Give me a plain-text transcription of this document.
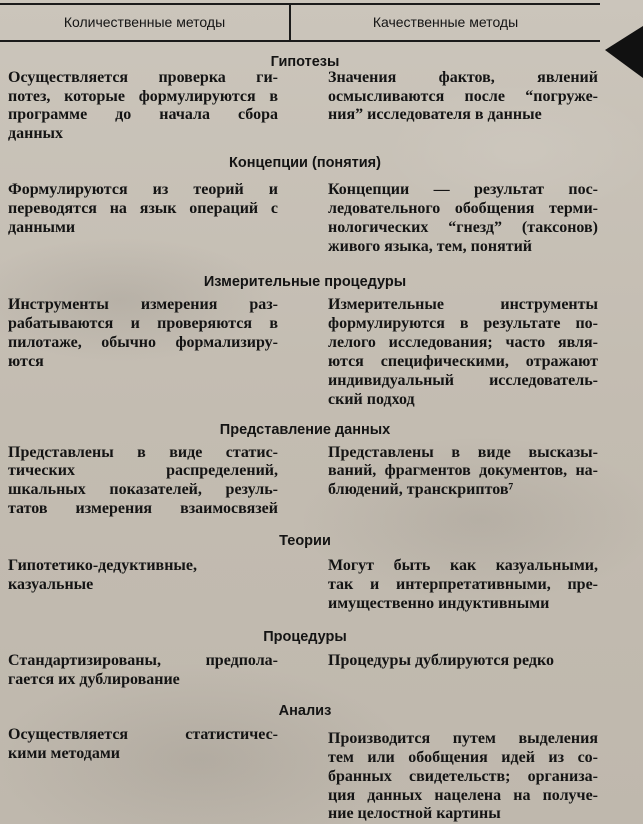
Количественные методы	Качественные методы
Гипотезы
Осуществляется проверка ги-
потез, которые формулируются в
программе до начала сбора
данных
Значения фактов, явлений
осмысливаются после “погруже-
ния” исследователя в данные
Концепции (понятия)
Формулируются из теорий и
переводятся на язык операций с
данными
Концепции — результат пос-
ледовательного обобщения терми-
нологических “гнезд” (таксонов)
живого языка, тем, понятий
Измерительные процедуры
Инструменты измерения раз-
рабатываются и проверяются в
пилотаже, обычно формализиру-
ются
Измерительные инструменты
формулируются в результате по-
лелого исследования; часто явля-
ются специфическими, отражают
индивидуальный исследователь-
ский подход
Представление данных
Представлены в виде статис-
тических распределений,
шкальных показателей, резуль-
татов измерения взаимосвязей
Представлены в виде высказы-
ваний, фрагментов документов, на-
блюдений, транскриптов⁷
Теории
Гипотетико-дедуктивные,
казуальные
Могут быть как казуальными,
так и интерпретативными, пре-
имущественно индуктивными
Процедуры
Стандартизированы, предпола-
гается их дублирование
Процедуры дублируются редко
Анализ
Осуществляется статистичес-
кими методами
Производится путем выделения
тем или обобщения идей из со-
бранных свидетельств; организа-
ция данных нацелена на получе-
ние целостной картины
